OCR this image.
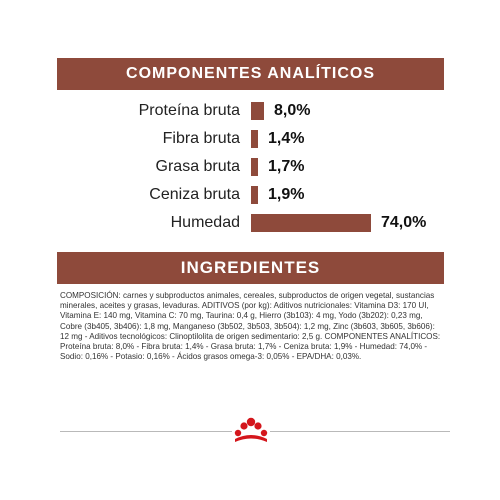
COMPONENTES ANALÍTICOS
Proteína bruta 8,0%
Fibra bruta 1,4%
Grasa bruta 1,7%
Ceniza bruta 1,9%
Humedad	74,0%
INGREDIENTES

COMPOSICIÓN: carnes y subproductos animales, cereales, subproductos de origen vegetal, sustancias minerales, aceites y grasas, levaduras. ADITIVOS (por kg): Aditivos nutricionales: Vitamina D3: 170 UI, Vitamina E: 140 mg, Vitamina C: 70 mg, Taurina: 0,4 g, Hierro (3b103): 4 mg, Yodo (3b202): 0,23 mg, Cobre (3b405, 3b406): 1,8 mg, Manganeso (3b502, 3b503, 3b504): 1,2 mg, Zinc (3b603, 3b605, 3b606): 12 mg - Aditivos tecnológicos: Clinoptilolita de origen sedimentario: 2,5 g. COMPONENTES ANALÍTICOS: Proteína bruta: 8,0% - Fibra bruta: 1,4% - Grasa bruta: 1,7% - Ceniza bruta: 1,9% - Humedad: 74,0% - Sodio: 0,16% - Potasio: 0,16% - Ácidos grasos omega-3: 0,05% - EPA/DHA: 0,03%.
